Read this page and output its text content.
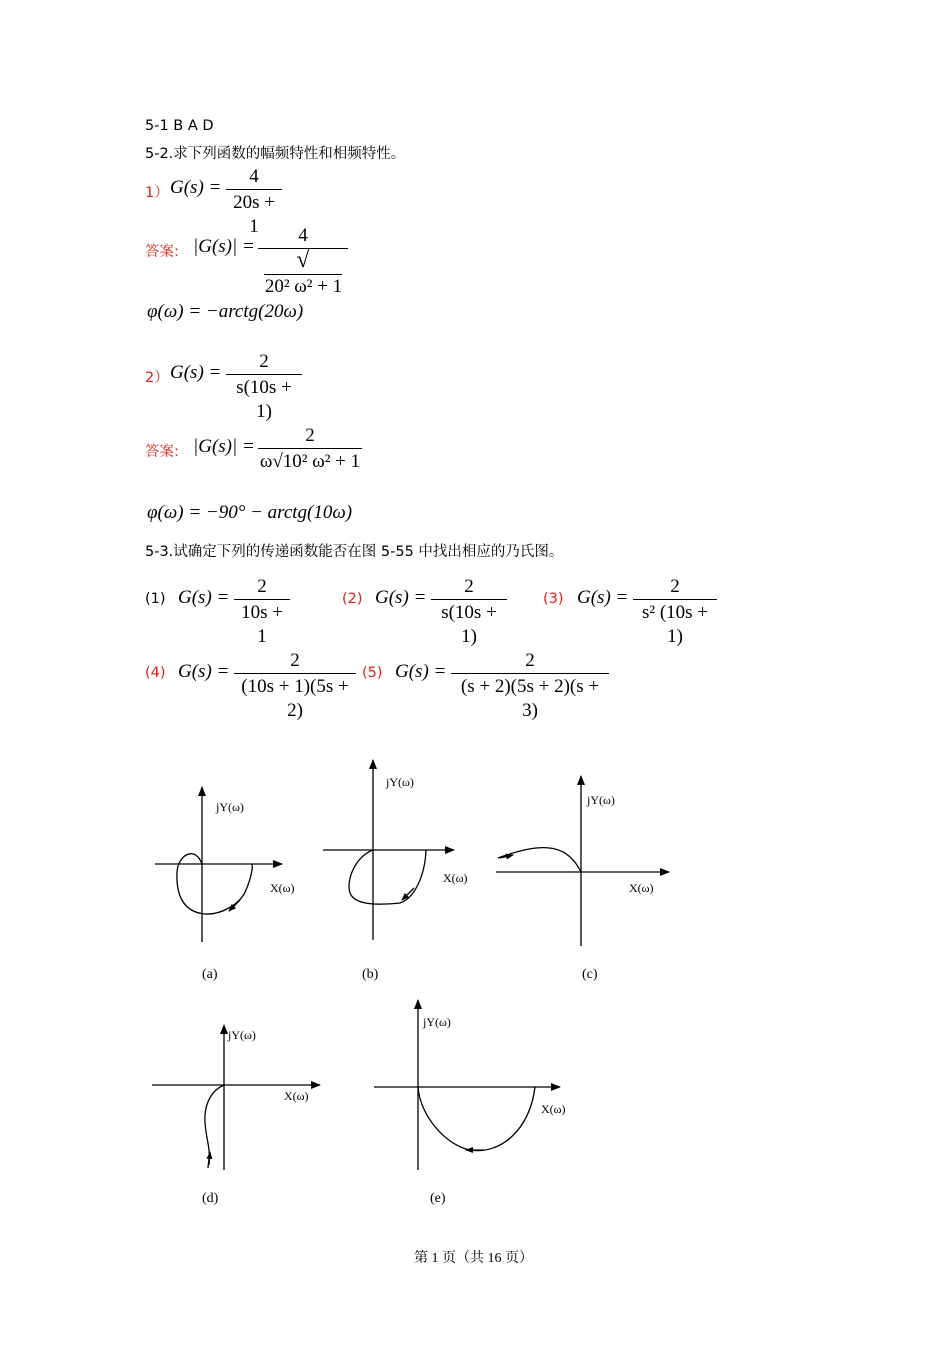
5-1 B A D
5-2.求下列函数的幅频特性和相频特性。
1） G(s) =
4
20s + 1
答案: |G(s)| =
4
√20² ω² + 1
φ(ω) = −arctg(20ω)
2） G(s) =
2
s(10s + 1)
答案: |G(s)| =
2
ω√10² ω² + 1
φ(ω) = −90° − arctg(10ω)
5-3.试确定下列的传递函数能否在图 5-55 中找出相应的乃氏图。
(1) G(s) =
2
10s + 1
(2) G(s) =
2
s(10s + 1)
(3) G(s) =
2
s² (10s + 1)
(4) G(s) =
2
(10s + 1)(5s + 2)
(5) G(s) =
2
(s + 2)(5s + 2)(s + 3)
jY(ω)
X(ω)
jY(ω)
X(ω)
jY(ω)
X(ω)
jY(ω)
X(ω)
jY(ω)
X(ω)
(a)	(b)	(c)
(d)	(e)
第 1 页（共 16 页）
